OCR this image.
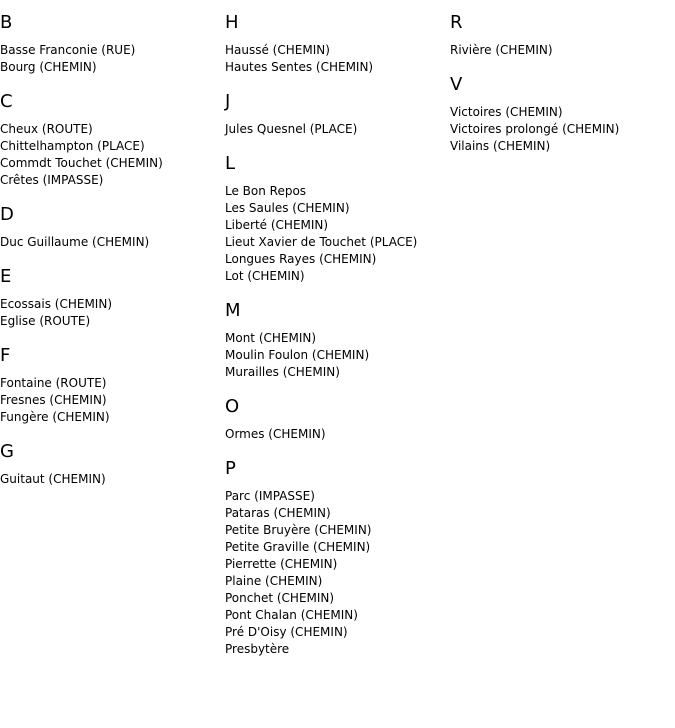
B
Basse Franconie (RUE)
Bourg (CHEMIN)
C
Cheux (ROUTE)
Chittelhampton (PLACE)
Commdt Touchet (CHEMIN)
Crêtes (IMPASSE)
D
Duc Guillaume (CHEMIN)
E
Ecossais (CHEMIN)
Eglise (ROUTE)
F
Fontaine (ROUTE)
Fresnes (CHEMIN)
Fungère (CHEMIN)
G
Guitaut (CHEMIN)
H
Haussé (CHEMIN)
Hautes Sentes (CHEMIN)
J
Jules Quesnel (PLACE)
L
Le Bon Repos
Les Saules (CHEMIN)
Liberté (CHEMIN)
Lieut Xavier de Touchet (PLACE)
Longues Rayes (CHEMIN)
Lot (CHEMIN)
M
Mont (CHEMIN)
Moulin Foulon (CHEMIN)
Murailles (CHEMIN)
O
Ormes (CHEMIN)
P
Parc (IMPASSE)
Pataras (CHEMIN)
Petite Bruyère (CHEMIN)
Petite Graville (CHEMIN)
Pierrette (CHEMIN)
Plaine (CHEMIN)
Ponchet (CHEMIN)
Pont Chalan (CHEMIN)
Pré D'Oisy (CHEMIN)
Presbytère
R
Rivière (CHEMIN)
V
Victoires (CHEMIN)
Victoires prolongé (CHEMIN)
Vilains (CHEMIN)
